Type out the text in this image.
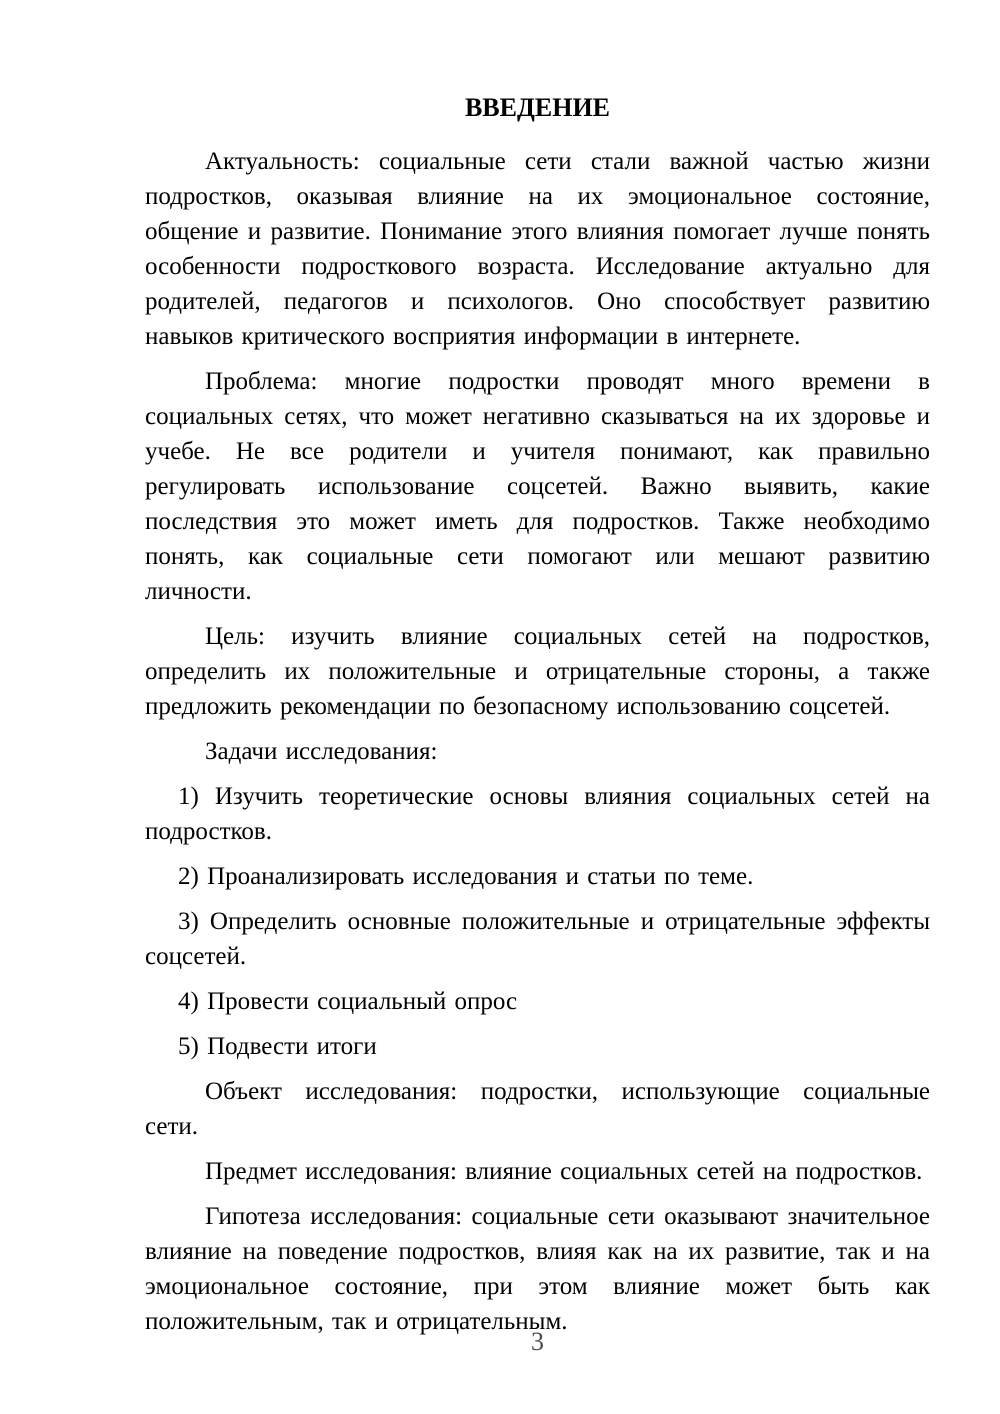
ВВЕДЕНИЕ

Актуальность: социальные сети стали важной частью жизни подростков, оказывая влияние на их эмоциональное состояние, общение и развитие. Понимание этого влияния помогает лучше понять особенности подросткового возраста. Исследование актуально для родителей, педагогов и психологов. Оно способствует развитию навыков критического восприятия информации в интернете.

Проблема: многие подростки проводят много времени в социальных сетях, что может негативно сказываться на их здоровье и учебе. Не все родители и учителя понимают, как правильно регулировать использование соцсетей. Важно выявить, какие последствия это может иметь для подростков. Также необходимо понять, как социальные сети помогают или мешают развитию личности.

Цель: изучить влияние социальных сетей на подростков, определить их положительные и отрицательные стороны, а также предложить рекомендации по безопасному использованию соцсетей.

Задачи исследования:

1) Изучить теоретические основы влияния социальных сетей на подростков.

2) Проанализировать исследования и статьи по теме.

3) Определить основные положительные и отрицательные эффекты соцсетей.

4) Провести социальный опрос

5) Подвести итоги

Объект исследования: подростки, использующие социальные сети.

Предмет исследования: влияние социальных сетей на подростков.

Гипотеза исследования: социальные сети оказывают значительное влияние на поведение подростков, влияя как на их развитие, так и на эмоциональное состояние, при этом влияние может быть как положительным, так и отрицательным.

3
